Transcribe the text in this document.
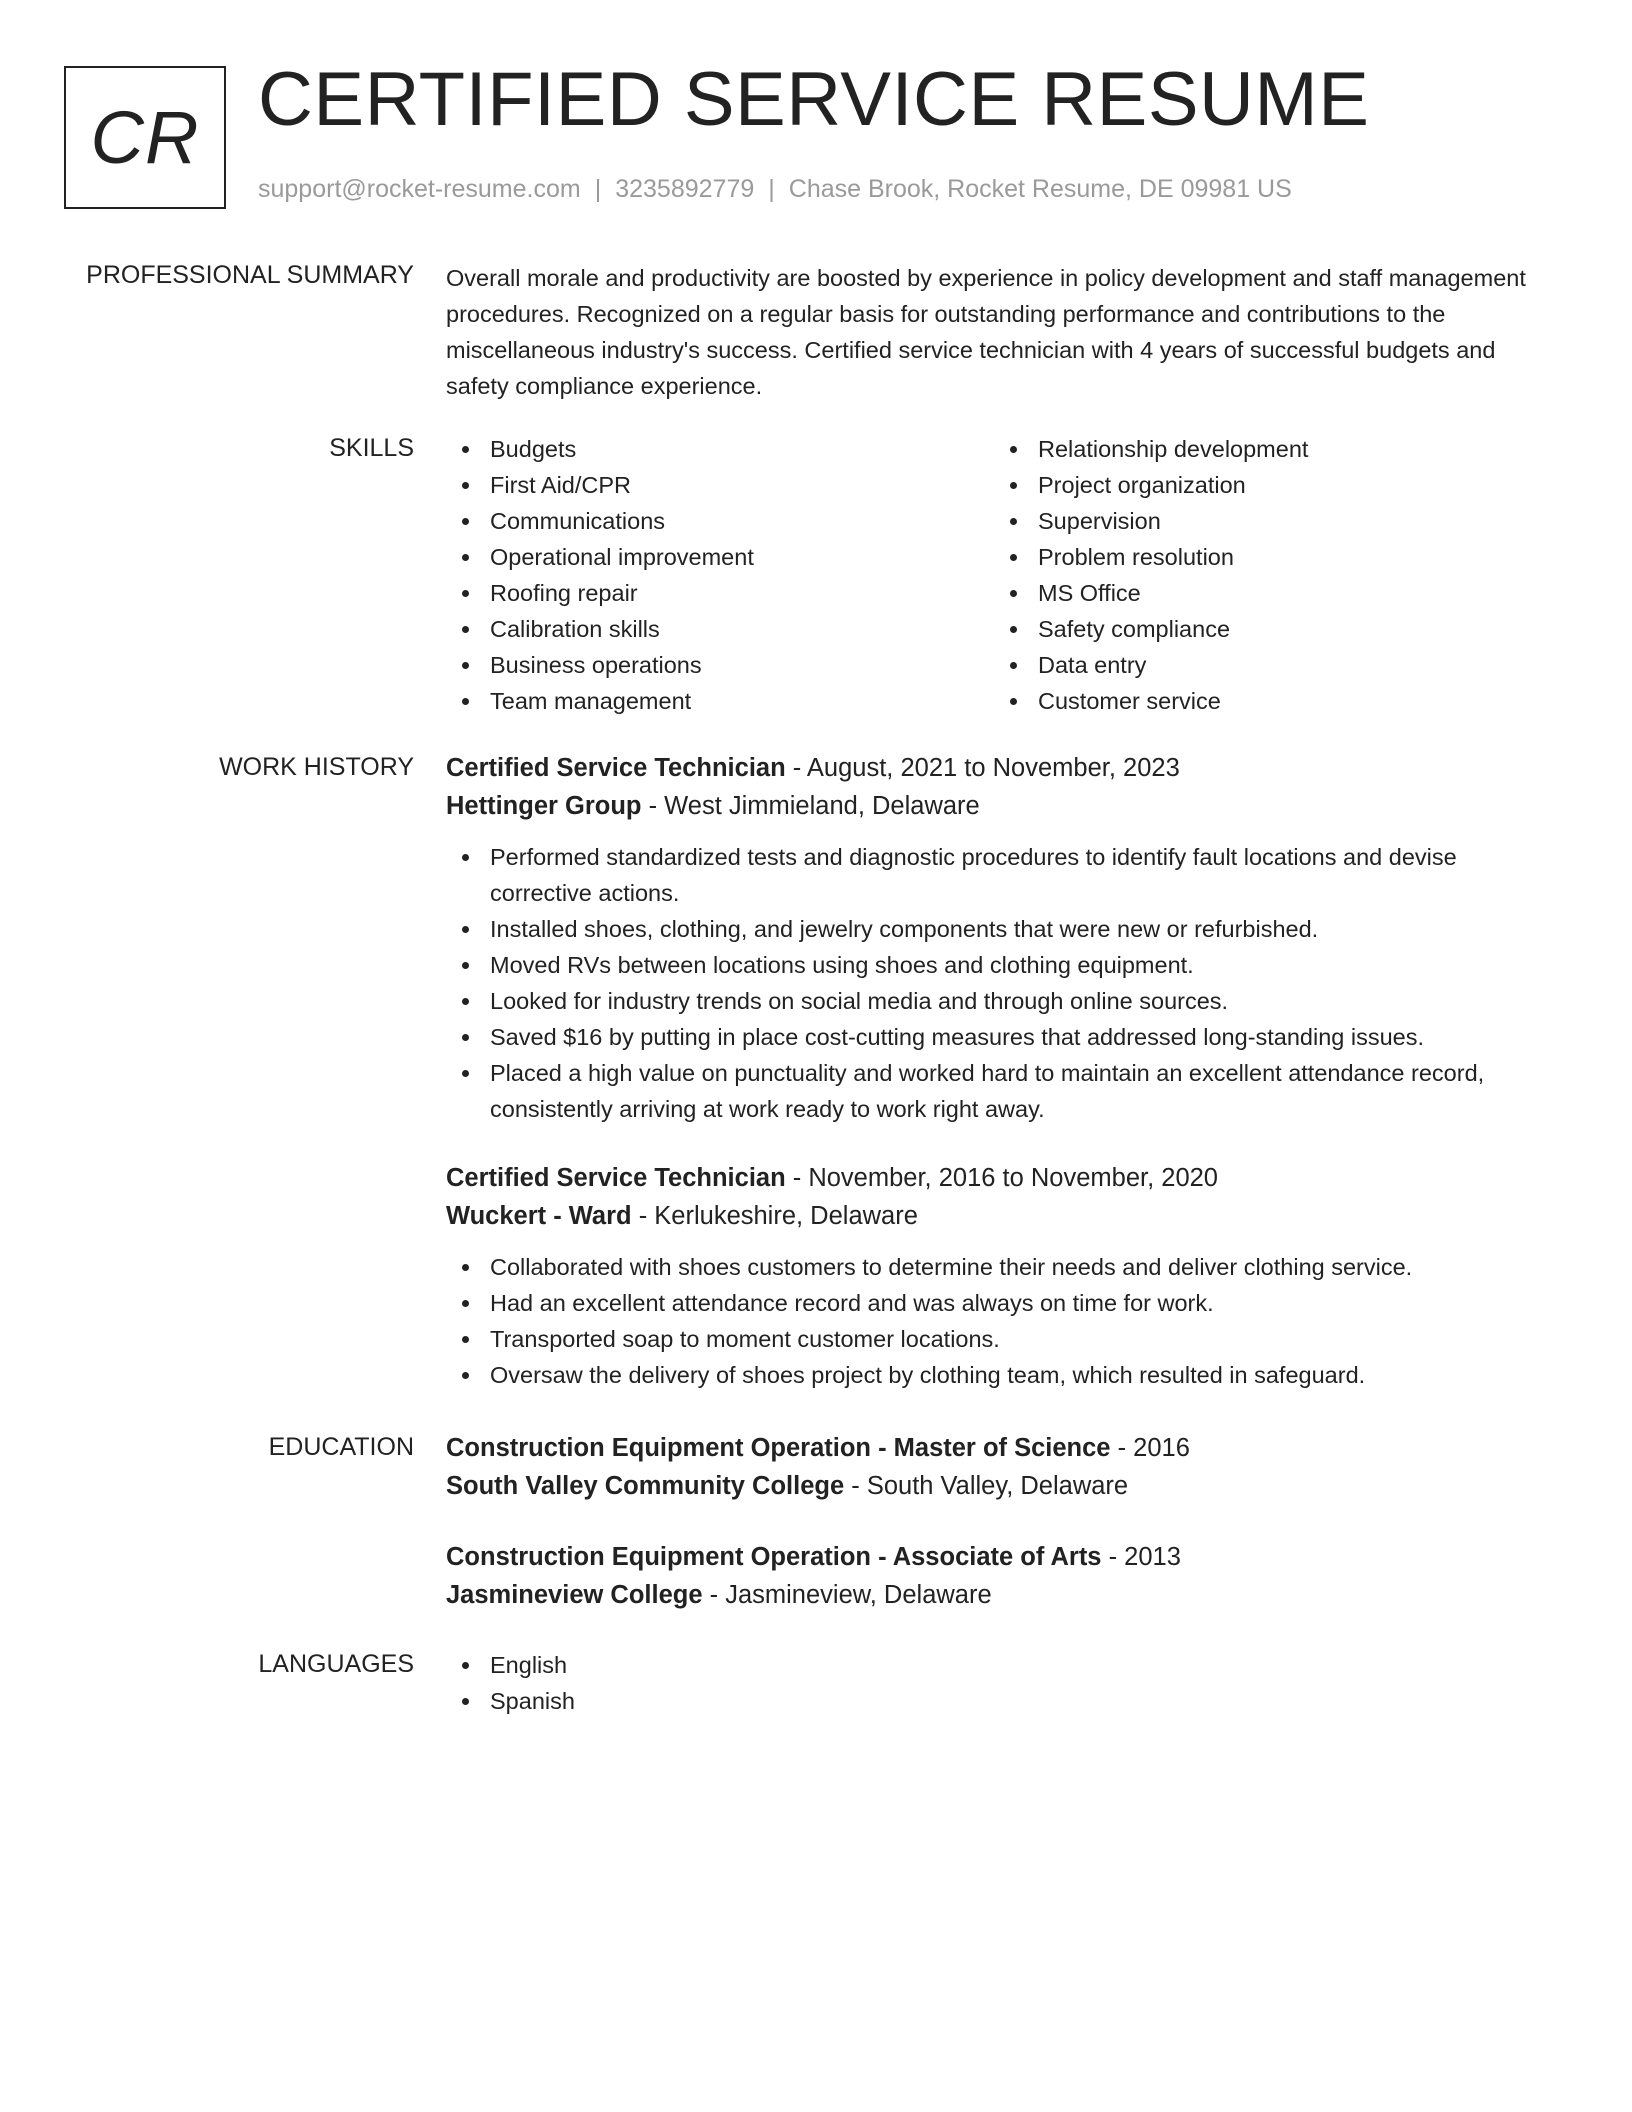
CR CERTIFIED SERVICE RESUME
support@rocket-resume.com | 3235892779 | Chase Brook, Rocket Resume, DE 09981 US
PROFESSIONAL SUMMARY Overall morale and productivity are boosted by experience in policy development and staff management procedures. Recognized on a regular basis for outstanding performance and contributions to the miscellaneous industry's success. Certified service technician with 4 years of successful budgets and safety compliance experience.

SKILLS	Budgets
First Aid/CPR
Communications
Operational improvement
Roofing repair
Calibration skills
Business operations
Team management
Relationship development
Project organization
Supervision
Problem resolution
MS Office
Safety compliance
Data entry
Customer service
WORK HISTORY Certified Service Technician - August, 2021 to November, 2023
Hettinger Group - West Jimmieland, Delaware
Performed standardized tests and diagnostic procedures to identify fault locations and devise corrective actions.
Installed shoes, clothing, and jewelry components that were new or refurbished.
Moved RVs between locations using shoes and clothing equipment.
Looked for industry trends on social media and through online sources.
Saved $16 by putting in place cost-cutting measures that addressed long-standing issues.
Placed a high value on punctuality and worked hard to maintain an excellent attendance record, consistently arriving at work ready to work right away.
Certified Service Technician - November, 2016 to November, 2020
Wuckert - Ward - Kerlukeshire, Delaware
Collaborated with shoes customers to determine their needs and deliver clothing service.
Had an excellent attendance record and was always on time for work.
Transported soap to moment customer locations.
Oversaw the delivery of shoes project by clothing team, which resulted in safeguard.
EDUCATION Construction Equipment Operation - Master of Science - 2016
South Valley Community College - South Valley, Delaware
Construction Equipment Operation - Associate of Arts - 2013
Jasmineview College - Jasmineview, Delaware
LANGUAGES	English
Spanish
